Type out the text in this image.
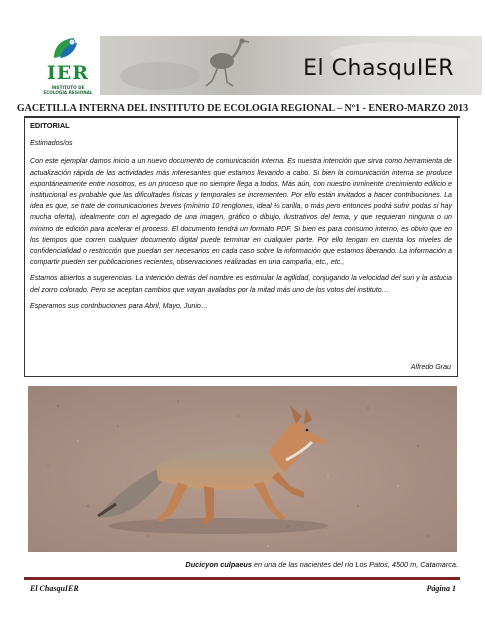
IER
INSTITUTO DE
ECOLOGÍA REGIONAL
El ChasquIER
GACETILLA INTERNA DEL INSTITUTO DE ECOLOGIA REGIONAL – Nº1 - ENERO-MARZO 2013
EDITORIAL
Estimados/os

Con este ejemplar damos inicio a un nuevo documento de comunicación interna. Es nuestra intención que sirva como herramienta de actualización rápida de las actividades más interesantes que estamos llevando a cabo. Si bien la comunicación interna se produce espontáneamente entre nosotros, es un proceso que no siempre llega a todos. Más aún, con nuestro inminente crecimiento edilicio e institucional es probable que las dificultades físicas y temporales se incrementen. Por ello están invitados a hacer contribuciones. La idea es que, se trate de comunicaciones breves (mínimo 10 renglones, ideal ½ carilla, o más pero entonces podrá sufrir podas si hay mucha oferta), idealmente con el agregado de una imagen, gráfico o dibujo, ilustrativos del tema, y que requieran ninguna o un mínimo de edición para acelerar el proceso. El documento tendrá un formato PDF. Si bien es para consumo interno, es obvio que en los tiempos que corren cualquier documento digital puede terminar en cualquier parte. Por ello tengan en cuenta los niveles de confidencialidad o restricción que puedan ser necesarios en cada caso sobre la información que estamos liberando. La información a compartir pueden ser publicaciones recientes, observaciones realizadas en una campaña, etc., etc.,

Estamos abiertos a sugerencias. La intención detrás del nombre es estimular la agilidad, conjugando la velocidad del suri y la astucia del zorro colorado. Pero se aceptan cambios que vayan avalados por la mitad más uno de los votos del instituto…

Esperamos sus contribuciones para Abril, Mayo, Junio…

Alfredo Grau
Ducicyon culpaeus en una de las nacientes del río Los Patos, 4500 m, Catamarca.
El ChasquIER	Página 1
